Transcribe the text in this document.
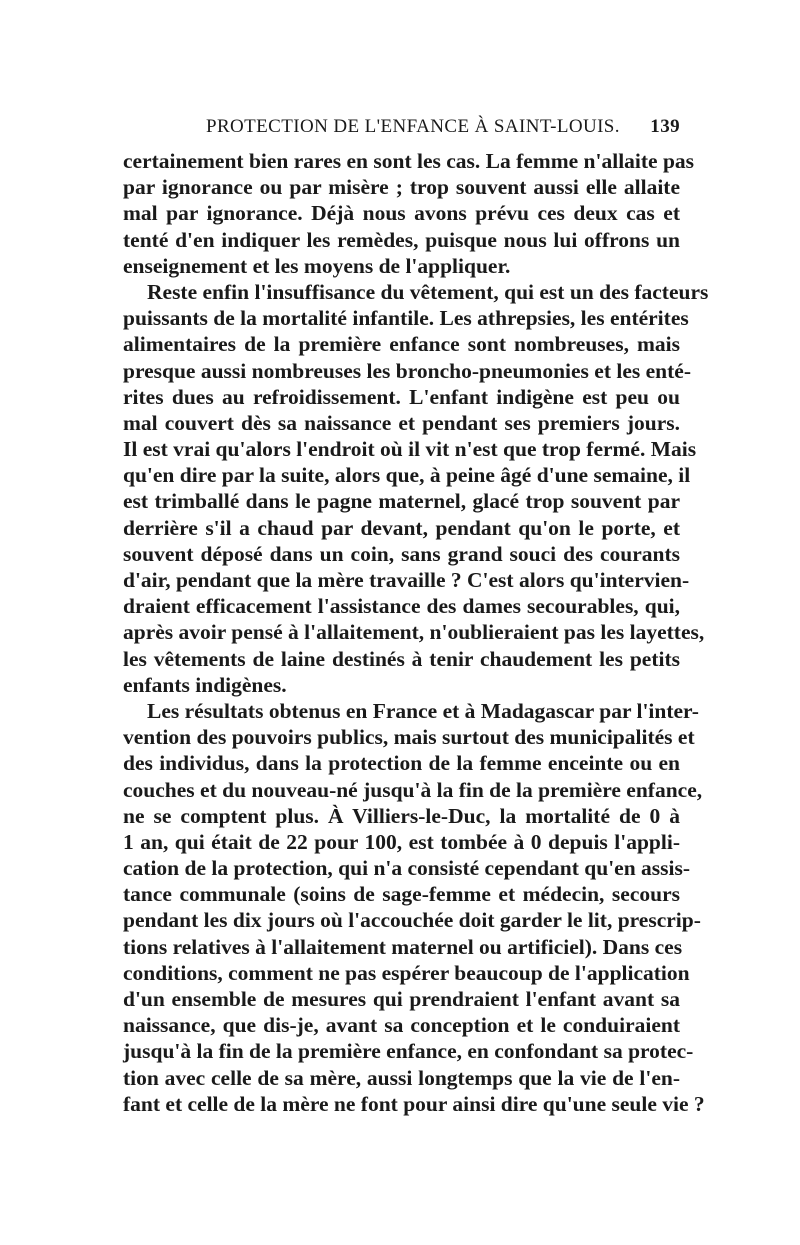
PROTECTION DE L'ENFANCE À SAINT-LOUIS. 139
certainement bien rares en sont les cas. La femme n'allaite pas
par ignorance ou par misère ; trop souvent aussi elle allaite
mal par ignorance. Déjà nous avons prévu ces deux cas et
tenté d'en indiquer les remèdes, puisque nous lui offrons un
enseignement et les moyens de l'appliquer.
Reste enfin l'insuffisance du vêtement, qui est un des facteurs
puissants de la mortalité infantile. Les athrepsies, les entérites
alimentaires de la première enfance sont nombreuses, mais
presque aussi nombreuses les broncho-pneumonies et les enté-
rites dues au refroidissement. L'enfant indigène est peu ou
mal couvert dès sa naissance et pendant ses premiers jours.
Il est vrai qu'alors l'endroit où il vit n'est que trop fermé. Mais
qu'en dire par la suite, alors que, à peine âgé d'une semaine, il
est trimballé dans le pagne maternel, glacé trop souvent par
derrière s'il a chaud par devant, pendant qu'on le porte, et
souvent déposé dans un coin, sans grand souci des courants
d'air, pendant que la mère travaille ? C'est alors qu'intervien-
draient efficacement l'assistance des dames secourables, qui,
après avoir pensé à l'allaitement, n'oublieraient pas les layettes,
les vêtements de laine destinés à tenir chaudement les petits
enfants indigènes.
Les résultats obtenus en France et à Madagascar par l'inter-
vention des pouvoirs publics, mais surtout des municipalités et
des individus, dans la protection de la femme enceinte ou en
couches et du nouveau-né jusqu'à la fin de la première enfance,
ne se comptent plus. À Villiers-le-Duc, la mortalité de 0 à
1 an, qui était de 22 pour 100, est tombée à 0 depuis l'appli-
cation de la protection, qui n'a consisté cependant qu'en assis-
tance communale (soins de sage-femme et médecin, secours
pendant les dix jours où l'accouchée doit garder le lit, prescrip-
tions relatives à l'allaitement maternel ou artificiel). Dans ces
conditions, comment ne pas espérer beaucoup de l'application
d'un ensemble de mesures qui prendraient l'enfant avant sa
naissance, que dis-je, avant sa conception et le conduiraient
jusqu'à la fin de la première enfance, en confondant sa protec-
tion avec celle de sa mère, aussi longtemps que la vie de l'en-
fant et celle de la mère ne font pour ainsi dire qu'une seule vie ?
